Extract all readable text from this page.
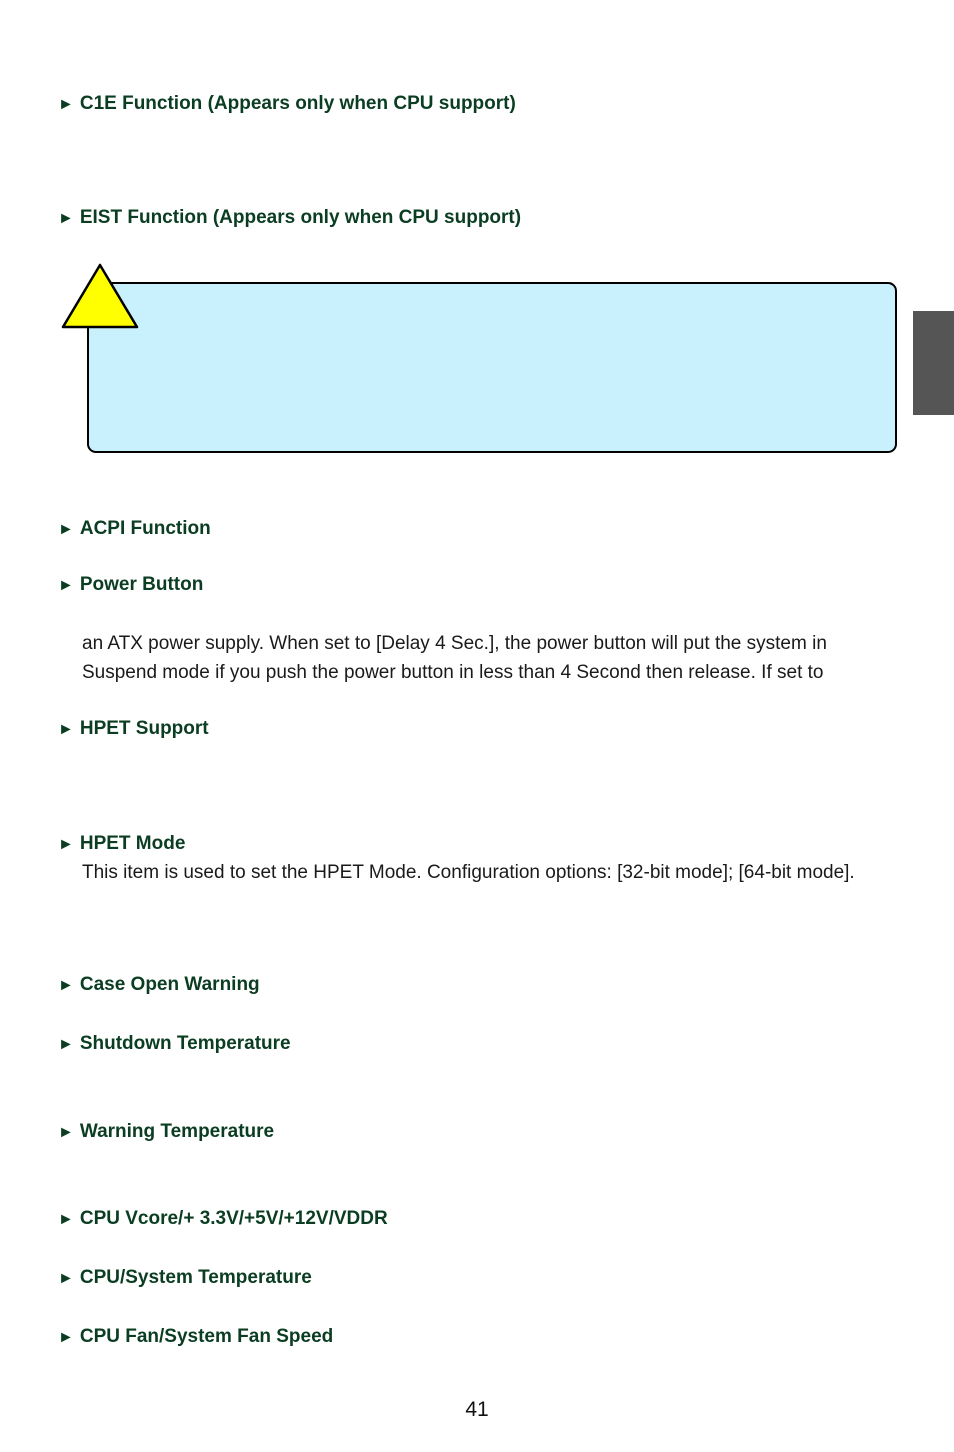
► C1E Function (Appears only when CPU support)
► EIST Function (Appears only when CPU support)
► ACPI Function
► Power Button
an ATX power supply. When set to [Delay 4 Sec.], the power button will put the system in
Suspend mode if you push the power button in less than 4 Second then release. If set to
► HPET Support
► HPET Mode
This item is used to set the HPET Mode. Configuration options: [32-bit mode]; [64-bit mode].
► Case Open Warning
► Shutdown Temperature
► Warning Temperature
► CPU Vcore/+ 3.3V/+5V/+12V/VDDR
► CPU/System Temperature
► CPU Fan/System Fan Speed
41
